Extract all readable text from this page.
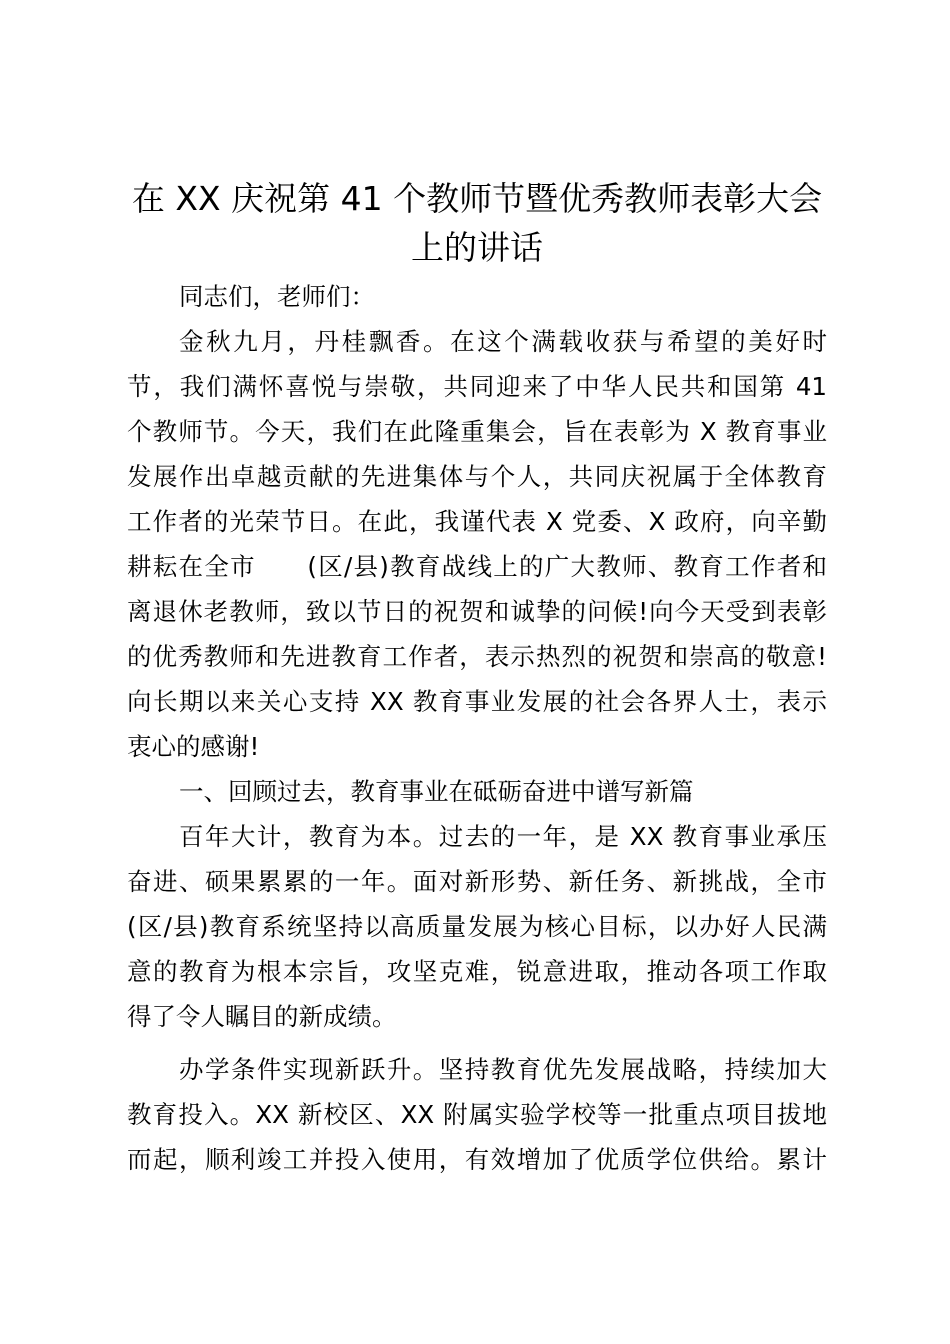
在 XX 庆祝第 41 个教师节暨优秀教师表彰大会
上的讲话

同志们，老师们：

金秋九月，丹桂飘香。在这个满载收获与希望的美好时
节，我们满怀喜悦与崇敬，共同迎来了中华人民共和国第 41
个教师节。今天，我们在此隆重集会，旨在表彰为 X 教育事业
发展作出卓越贡献的先进集体与个人，共同庆祝属于全体教育
工作者的光荣节日。在此，我谨代表 X 党委、X 政府，向辛勤
耕耘在全市　　(区/县)教育战线上的广大教师、教育工作者和
离退休老教师，致以节日的祝贺和诚挚的问候!向今天受到表彰
的优秀教师和先进教育工作者，表示热烈的祝贺和崇高的敬意!
向长期以来关心支持 XX 教育事业发展的社会各界人士，表示
衷心的感谢!
一、回顾过去，教育事业在砥砺奋进中谱写新篇
百年大计，教育为本。过去的一年，是 XX 教育事业承压
奋进、硕果累累的一年。面对新形势、新任务、新挑战，全市
(区/县)教育系统坚持以高质量发展为核心目标，以办好人民满
意的教育为根本宗旨，攻坚克难，锐意进取，推动各项工作取
得了令人瞩目的新成绩。
办学条件实现新跃升。坚持教育优先发展战略，持续加大
教育投入。XX 新校区、XX 附属实验学校等一批重点项目拔地
而起，顺利竣工并投入使用，有效增加了优质学位供给。累计
